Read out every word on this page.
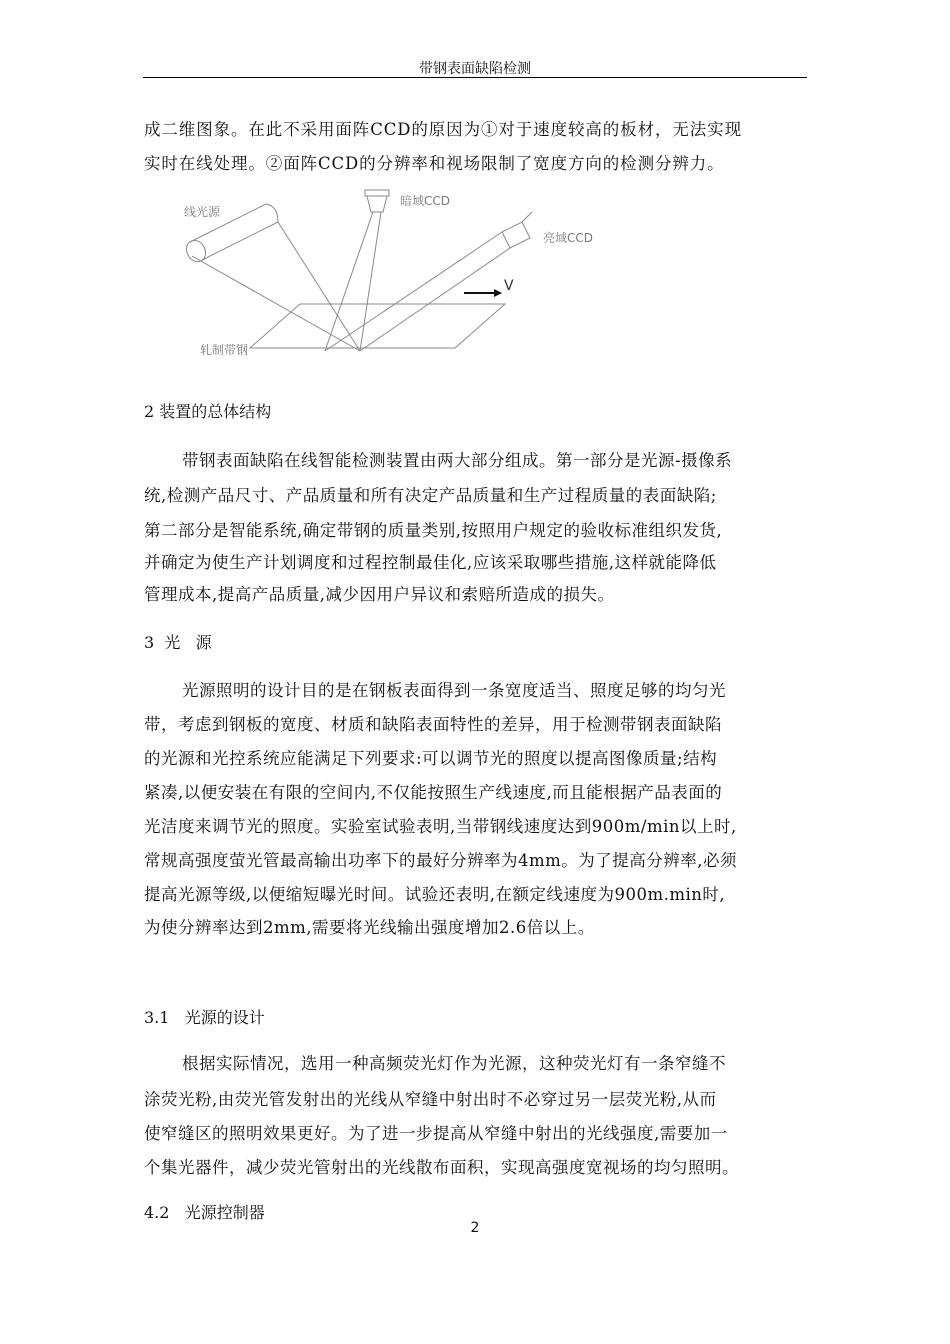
带钢表面缺陷检测
成二维图象。在此不采用面阵CCD的原因为①对于速度较高的板材，无法实现
实时在线处理。②面阵CCD的分辨率和视场限制了宽度方向的检测分辨力。
V
线光源
暗域CCD
亮域CCD
轧制带钢
2 装置的总体结构
带钢表面缺陷在线智能检测装置由两大部分组成。第一部分是光源-摄像系
统,检测产品尺寸、产品质量和所有决定产品质量和生产过程质量的表面缺陷;
第二部分是智能系统,确定带钢的质量类别,按照用户规定的验收标准组织发货,
并确定为使生产计划调度和过程控制最佳化,应该采取哪些措施,这样就能降低
管理成本,提高产品质量,减少因用户异议和索赔所造成的损失。
3  光   源
光源照明的设计目的是在钢板表面得到一条宽度适当、照度足够的均匀光
带，考虑到钢板的宽度、材质和缺陷表面特性的差异，用于检测带钢表面缺陷
的光源和光控系统应能满足下列要求:可以调节光的照度以提高图像质量;结构
紧凑,以便安装在有限的空间内,不仅能按照生产线速度,而且能根据产品表面的
光洁度来调节光的照度。实验室试验表明,当带钢线速度达到900m/min以上时,
常规高强度萤光管最高输出功率下的最好分辨率为4mm。为了提高分辨率,必须
提高光源等级,以便缩短曝光时间。试验还表明,在额定线速度为900m.min时,
为使分辨率达到2mm,需要将光线输出强度增加2.6倍以上。
3.1   光源的设计
根据实际情况，选用一种高频荧光灯作为光源，这种荧光灯有一条窄缝不
涂荧光粉,由荧光管发射出的光线从窄缝中射出时不必穿过另一层荧光粉,从而
使窄缝区的照明效果更好。为了进一步提高从窄缝中射出的光线强度,需要加一
个集光器件，减少荧光管射出的光线散布面积，实现高强度宽视场的均匀照明。
4.2   光源控制器
2
